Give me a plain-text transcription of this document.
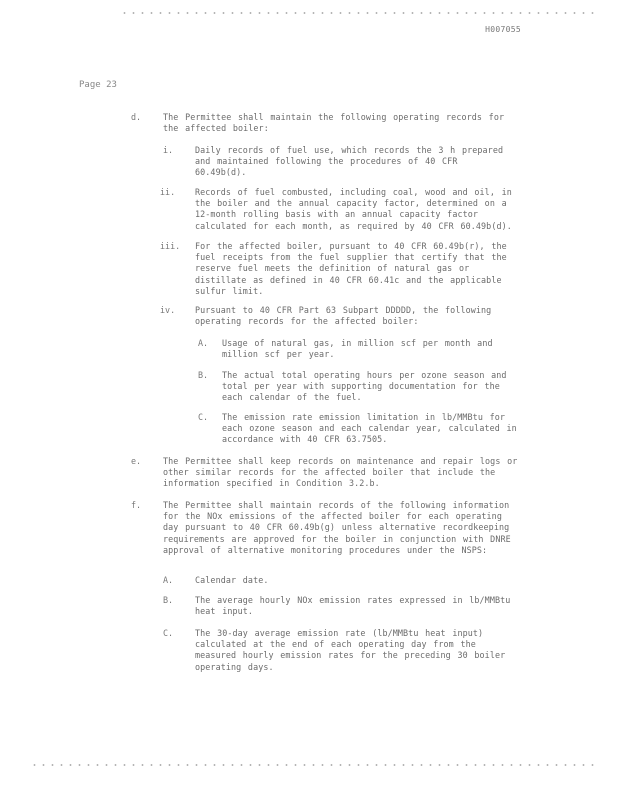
H007055
Page 23
d.	The Permittee shall maintain the following operating records for the affected boiler:
i.	Daily records of fuel use, which records the 3 h prepared and maintained following the procedures of 40 CFR 60.49b(d).
ii. Records of fuel combusted, including coal, wood and oil, in the boiler and the annual capacity factor, determined on a 12-month rolling basis with an annual capacity factor calculated for each month, as required by 40 CFR 60.49b(d).
iii. For the affected boiler, pursuant to 40 CFR 60.49b(r), the fuel receipts from the fuel supplier that certify that the reserve fuel meets the definition of natural gas or distillate as defined in 40 CFR 60.41c and the applicable sulfur limit.
iv. Pursuant to 40 CFR Part 63 Subpart DDDDD, the following operating records for the affected boiler:
A. Usage of natural gas, in million scf per month and million scf per year.
B. The actual total operating hours per ozone season and total per year with supporting documentation for the each calendar of the fuel.
C. The emission rate emission limitation in lb/MMBtu for each ozone season and each calendar year, calculated in accordance with 40 CFR 63.7505.
e.	The Permittee shall keep records on maintenance and repair logs or other similar records for the affected boiler that include the information specified in Condition 3.2.b.
f.	The Permittee shall maintain records of the following information for the NOx emissions of the affected boiler for each operating day pursuant to 40 CFR 60.49b(g) unless alternative recordkeeping requirements are approved for the boiler in conjunction with DNRE approval of alternative monitoring procedures under the NSPS:
A.	Calendar date.
B.	The average hourly NOx emission rates expressed in lb/MMBtu heat input.
C.	The 30-day average emission rate (lb/MMBtu heat input) calculated at the end of each operating day from the measured hourly emission rates for the preceding 30 boiler operating days.
